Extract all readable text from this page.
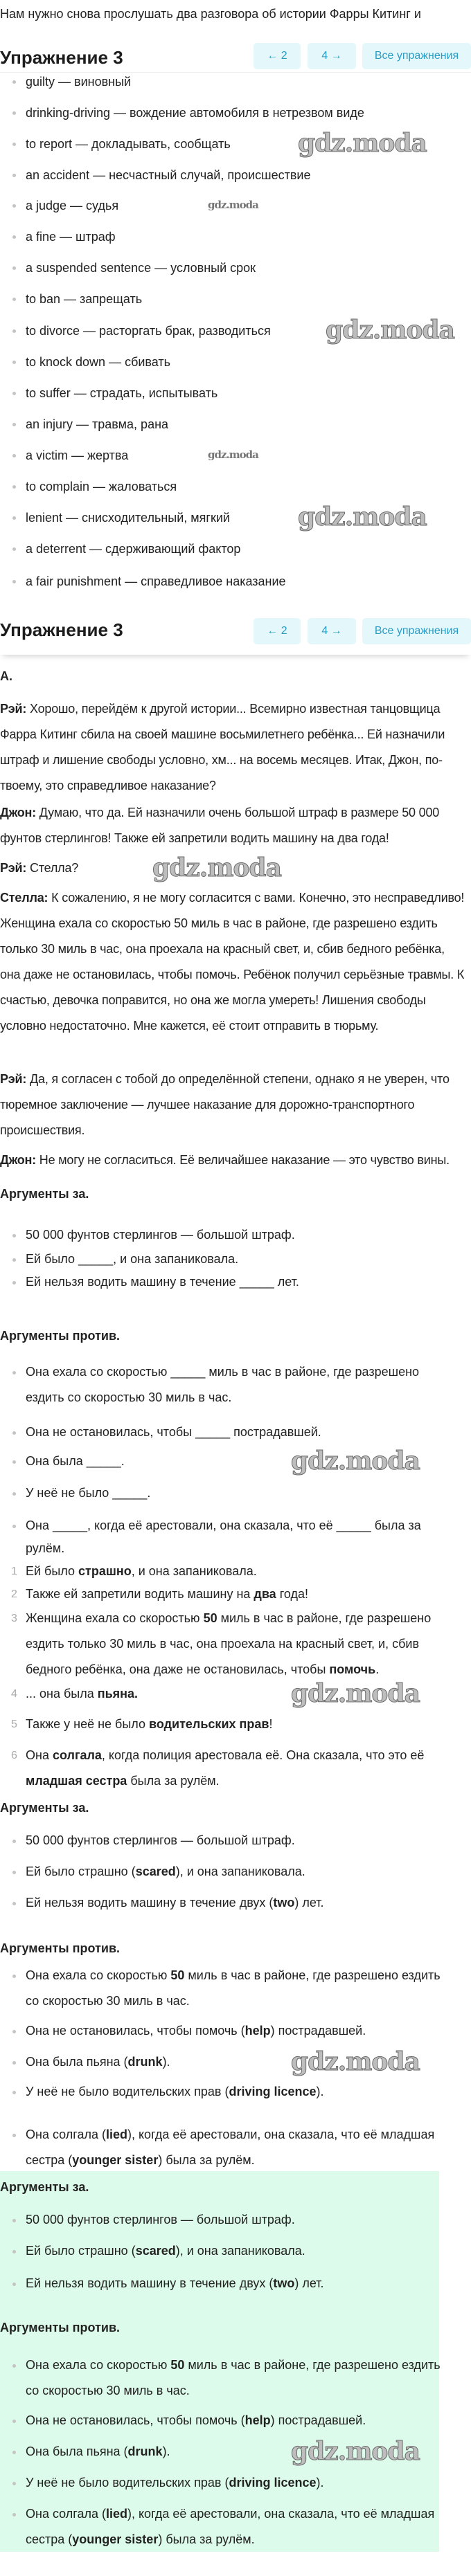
Нам нужно снова прослушать два разговора об истории Фарры Китинг и
guilty — виновный
drinking-driving — вождение автомобиля в нетрезвом виде
to report — докладывать, сообщать	gdz.moda
an accident — несчастный случай, происшествие
a judge — судья	gdz.moda
a fine — штраф
a suspended sentence — условный срок
to ban — запрещать
to divorce — расторгать брак, разводиться gdz.moda
to knock down — сбивать
to suffer — страдать, испытывать
an injury — травма, рана
a victim — жертва	gdz.moda
to complain — жаловаться
lenient — снисходительный, мягкий	gdz.moda
a deterrent — сдерживающий фактор
a fair punishment — справедливое наказание
А.
Рэй: Хорошо, перейдём к другой истории... Всемирно известная танцовщица Фарра Китинг сбила на своей машине восьмилетнего ребёнка... Ей назначили штраф и лишение свободы условно, хм... на восемь месяцев. Итак, Джон, по-твоему, это справедливое наказание?
Джон: Думаю, что да. Ей назначили очень большой штраф в размере 50 000 фунтов стерлингов! Также ей запретили водить машину на два года!
Рэй: Стелла?	gdz.moda
Стелла: К сожалению, я не могу согласится с вами. Конечно, это несправедливо! Женщина ехала со скоростью 50 миль в час в районе, где разрешено ездить только 30 миль в час, она проехала на красный свет, и, сбив бедного ребёнка, она даже не остановилась, чтобы помочь. Ребёнок получил серьёзные травмы. К счастью, девочка поправится, но она же могла умереть! Лишения свободы условно недостаточно. Мне кажется, её стоит отправить в тюрьму.
Рэй: Да, я согласен с тобой до определённой степени, однако я не уверен, что тюремное заключение — лучшее наказание для дорожно-транспортного происшествия.
Джон: Не могу не согласиться. Её величайшее наказание — это чувство вины.
Аргументы за.
50 000 фунтов стерлингов — большой штраф.
Ей было _____, и она запаниковала.
Ей нельзя водить машину в течение _____ лет.
Аргументы против.
Она ехала со скоростью _____ миль в час в районе, где разрешено ездить со скоростью 30 миль в час.
Она не остановилась, чтобы _____ пострадавшей.
Она была _____.	gdz.moda
У неё не было _____.
Она _____, когда её арестовали, она сказала, что её _____ была за рулём.
Ей было страшно, и она запаниковала.
1
Также ей запретили водить машину на два года!
2
Женщина ехала со скоростью 50 миль в час в районе, где разрешено ездить только 30 миль в час, она проехала на красный свет, и, сбив бедного ребёнка, она даже не остановилась, чтобы помочь.
3
... она была пьяна.
4	gdz.moda
Также у неё не было водительских прав!
5
Она солгала, когда полиция арестовала её. Она сказала, что это её младшая сестра была за рулём.
6
Аргументы за.
50 000 фунтов стерлингов — большой штраф.
Ей было страшно (scared), и она запаниковала.
Ей нельзя водить машину в течение двух (two) лет.
Аргументы против.
Она ехала со скоростью 50 миль в час в районе, где разрешено ездить со скоростью 30 миль в час.
Она не остановилась, чтобы помочь (help) пострадавшей.
Она была пьяна (drunk).	gdz.moda
У неё не было водительских прав (driving licence).
Она солгала (lied), когда её арестовали, она сказала, что её младшая сестра (younger sister) была за рулём.
Аргументы за.
50 000 фунтов стерлингов — большой штраф.
Ей было страшно (scared), и она запаниковала.
Ей нельзя водить машину в течение двух (two) лет.
Аргументы против.
Она ехала со скоростью 50 миль в час в районе, где разрешено ездить со скоростью 30 миль в час.
Она не остановилась, чтобы помочь (help) пострадавшей.
Она была пьяна (drunk).	gdz.moda
У неё не было водительских прав (driving licence).
Она солгала (lied), когда её арестовали, она сказала, что её младшая сестра (younger sister) была за рулём.
Упражнение 3	← 2	4 →	Все упражнения
Упражнение 3	← 2	4 →	Все упражнения
